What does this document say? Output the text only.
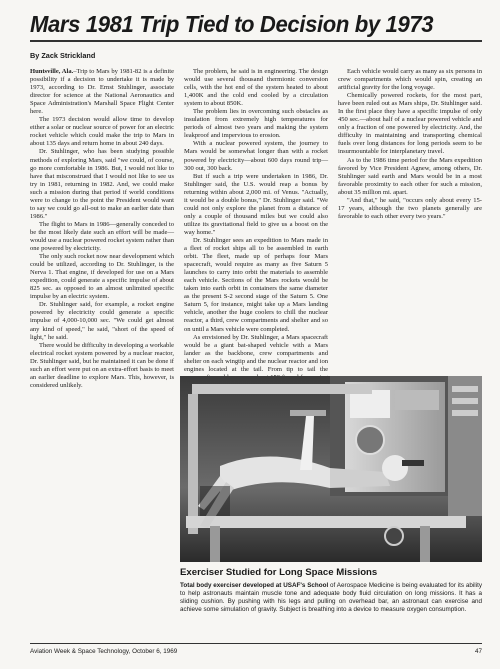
Mars 1981 Trip Tied to Decision by 1973
By Zack Strickland

Huntsville, Ala.–Trip to Mars by 1981-82 is a definite possibility if a decision to undertake it is made by 1973, according to Dr. Ernst Stuhlinger, associate director for science at the National Aeronautics and Space Administration's Marshall Space Flight Center here.

The 1973 decision would allow time to develop either a solar or nuclear source of power for an electric rocket vehicle which could make the trip to Mars in about 135 days and return home in about 240 days.

Dr. Stuhlinger, who has been studying possible methods of exploring Mars, said "we could, of course, go more comfortable in 1986. But, I would not like to have that misconstrued that I would not like to see us try in 1981, returning in 1982. And, we could make such a mission during that period if world conditions were to change to the point the President would want to say we could go all-out to make an earlier date than 1986."

The flight to Mars in 1986—generally conceded to be the most likely date such an effort will be made—would use a nuclear powered rocket system rather than one powered by electricity.

The only such rocket now near development which could be utilized, according to Dr. Stuhlinger, is the Nerva 1. That engine, if developed for use on a Mars expedition, could generate a specific impulse of about 825 sec. as opposed to an almost unlimited specific impulse by an electric system.

Dr. Stuhlinger said, for example, a rocket engine powered by electricity could generate a specific impulse of 4,000-10,000 sec. "We could get almost any kind of speed," he said, "short of the speed of light," he said.

There would be difficulty in developing a workable electrical rocket system powered by a nuclear reactor, Dr. Stuhlinger said, but he maintained it can be done if such an effort were put on an extra-effort basis to meet an earlier deadline to explore Mars. This, however, is considered unlikely.

The problem, he said is in engineering. The design would use several thousand thermionic conversion cells, with the hot end of the system heated to about 1,400K and the cold end cooled by a circulation system to about 850K.

The problem lies in overcoming such obstacles as insulation from extremely high temperatures for periods of almost two years and making the system leakproof and impervious to erosion.

With a nuclear powered system, the journey to Mars would be somewhat longer than with a rocket powered by electricity—about 600 days round trip—300 out, 300 back.

But if such a trip were undertaken in 1986, Dr. Stuhlinger said, the U.S. would reap a bonus by returning within about 2,000 mi. of Venus. "Actually, it would be a double bonus," Dr. Stuhlinger said. "We could not only explore the planet from a distance of only a couple of thousand miles but we could also utilize its gravitational field to give us a boost on the way home."

Dr. Stuhlinger sees an expedition to Mars made in a fleet of rocket ships all to be assembled in earth orbit. The fleet, made up of perhaps four Mars spacecraft, would require as many as five Saturn 5 launches to carry into orbit the materials to assemble each vehicle. Sections of the Mars rockets would be taken into earth orbit in containers the same diameter as the present S-2 second stage of the Saturn 5. One Saturn 5, for instance, might take up a Mars landing vehicle, another the huge coolers to chill the nuclear reactor, a third, crew compartments and shelter and so on until a Mars vehicle were completed.

As envisioned by Dr. Stuhlinger, a Mars spacecraft would be a giant bat-shaped vehicle with a Mars lander as the backbone, crew compartments and shelter on each wingtip and the nuclear reactor and ion engines located at the tail. From tip to tail the

Each vehicle would carry as many as six persons in crew compartments which would spin, creating an artificial gravity for the long voyage.

Chemically powered rockets, for the most part, have been ruled out as Mars ships, Dr. Stuhlinger said. In the first place they have a specific impulse of only 450 sec.—about half of a nuclear powered vehicle and only a fraction of one powered by electricity. And, the difficulty in maintaining and transporting chemical fuels over long distances for long periods seem to be insurmountable for interplanetary travel.

As to the 1986 time period for the Mars expedition favored by Vice President Agnew, among others, Dr. Stuhlinger said earth and Mars would be in a most favorable proximity to each other for such a mission, about 35 million mi. apart.

"And that," he said, "occurs only about every 15-17 years, although the two planets generally are favorable to each other every two years."

Exerciser Studied for Long Space Missions

Total body exerciser developed at USAF's School of Aerospace Medicine is being evaluated for its ability to help astronauts maintain muscle tone and adequate body fluid circulation on long missions. It has a sliding cushion. By pushing with his legs and pulling on overhead bar, an astronaut can exercise and achieve some simulation of gravity. Subject is breathing into a device to measure oxygen consumption.

Aviation Week & Space Technology, October 6, 1969	47
